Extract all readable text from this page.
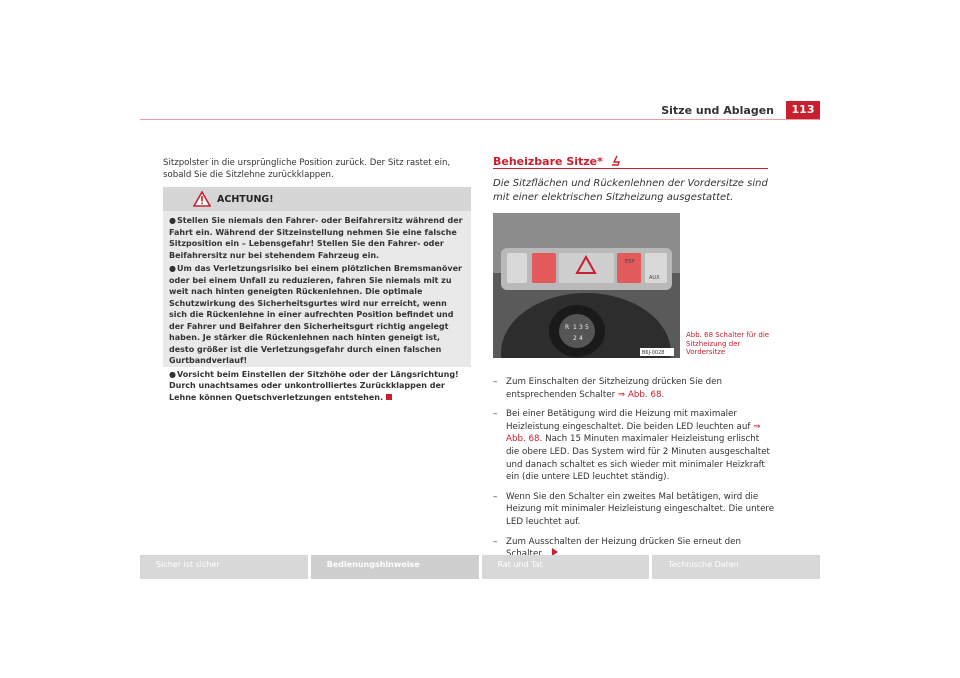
Sitze und Ablagen	113

Sitzpolster in die ursprüngliche Position zurück. Der Sitz rastet ein, sobald Sie die Sitzlehne zurückklappen.

ACHTUNG!
●Stellen Sie niemals den Fahrer- oder Beifahrersitz während der Fahrt ein. Während der Sitzeinstellung nehmen Sie eine falsche Sitzposition ein – Lebensgefahr! Stellen Sie den Fahrer- oder Beifahrersitz nur bei stehendem Fahrzeug ein.
●Um das Verletzungsrisiko bei einem plötzlichen Bremsmanöver oder bei einem Unfall zu reduzieren, fahren Sie niemals mit zu weit nach hinten geneigten Rückenlehnen. Die optimale Schutzwirkung des Sicherheitsgurtes wird nur erreicht, wenn sich die Rückenlehne in einer aufrechten Position befindet und der Fahrer und Beifahrer den Sicherheitsgurt richtig angelegt haben. Je stärker die Rückenlehnen nach hinten geneigt ist, desto größer ist die Verletzungsgefahr durch einen falschen Gurtbandverlauf!
●Vorsicht beim Einstellen der Sitzhöhe oder der Längsrichtung! Durch unachtsames oder unkontrolliertes Zurückklappen der Lehne können Quetschverletzungen entstehen.
Beheizbare Sitze*

Die Sitzflächen und Rückenlehnen der Vordersitze sind mit einer elektrischen Sitzheizung ausgestattet.

ESP
AUX
R 1 3 5
2 4
B6J-0028

Abb. 68 Schalter für die Sitzheizung der Vordersitze

– Zum Einschalten der Sitzheizung drücken Sie den entsprechenden Schalter ⇒ Abb. 68.
– Bei einer Betätigung wird die Heizung mit maximaler Heizleistung eingeschaltet. Die beiden LED leuchten auf ⇒ Abb. 68. Nach 15 Minuten maximaler Heizleistung erlischt die obere LED. Das System wird für 2 Minuten ausgeschaltet und danach schaltet es sich wieder mit minimaler Heizkraft ein (die untere LED leuchtet ständig).
– Wenn Sie den Schalter ein zweites Mal betätigen, wird die Heizung mit minimaler Heizleistung eingeschaltet. Die untere LED leuchtet auf.
– Zum Ausschalten der Heizung drücken Sie erneut den
Sicher ist sicher	Bedienungshinweise	Rat und Tat	Technische Daten
